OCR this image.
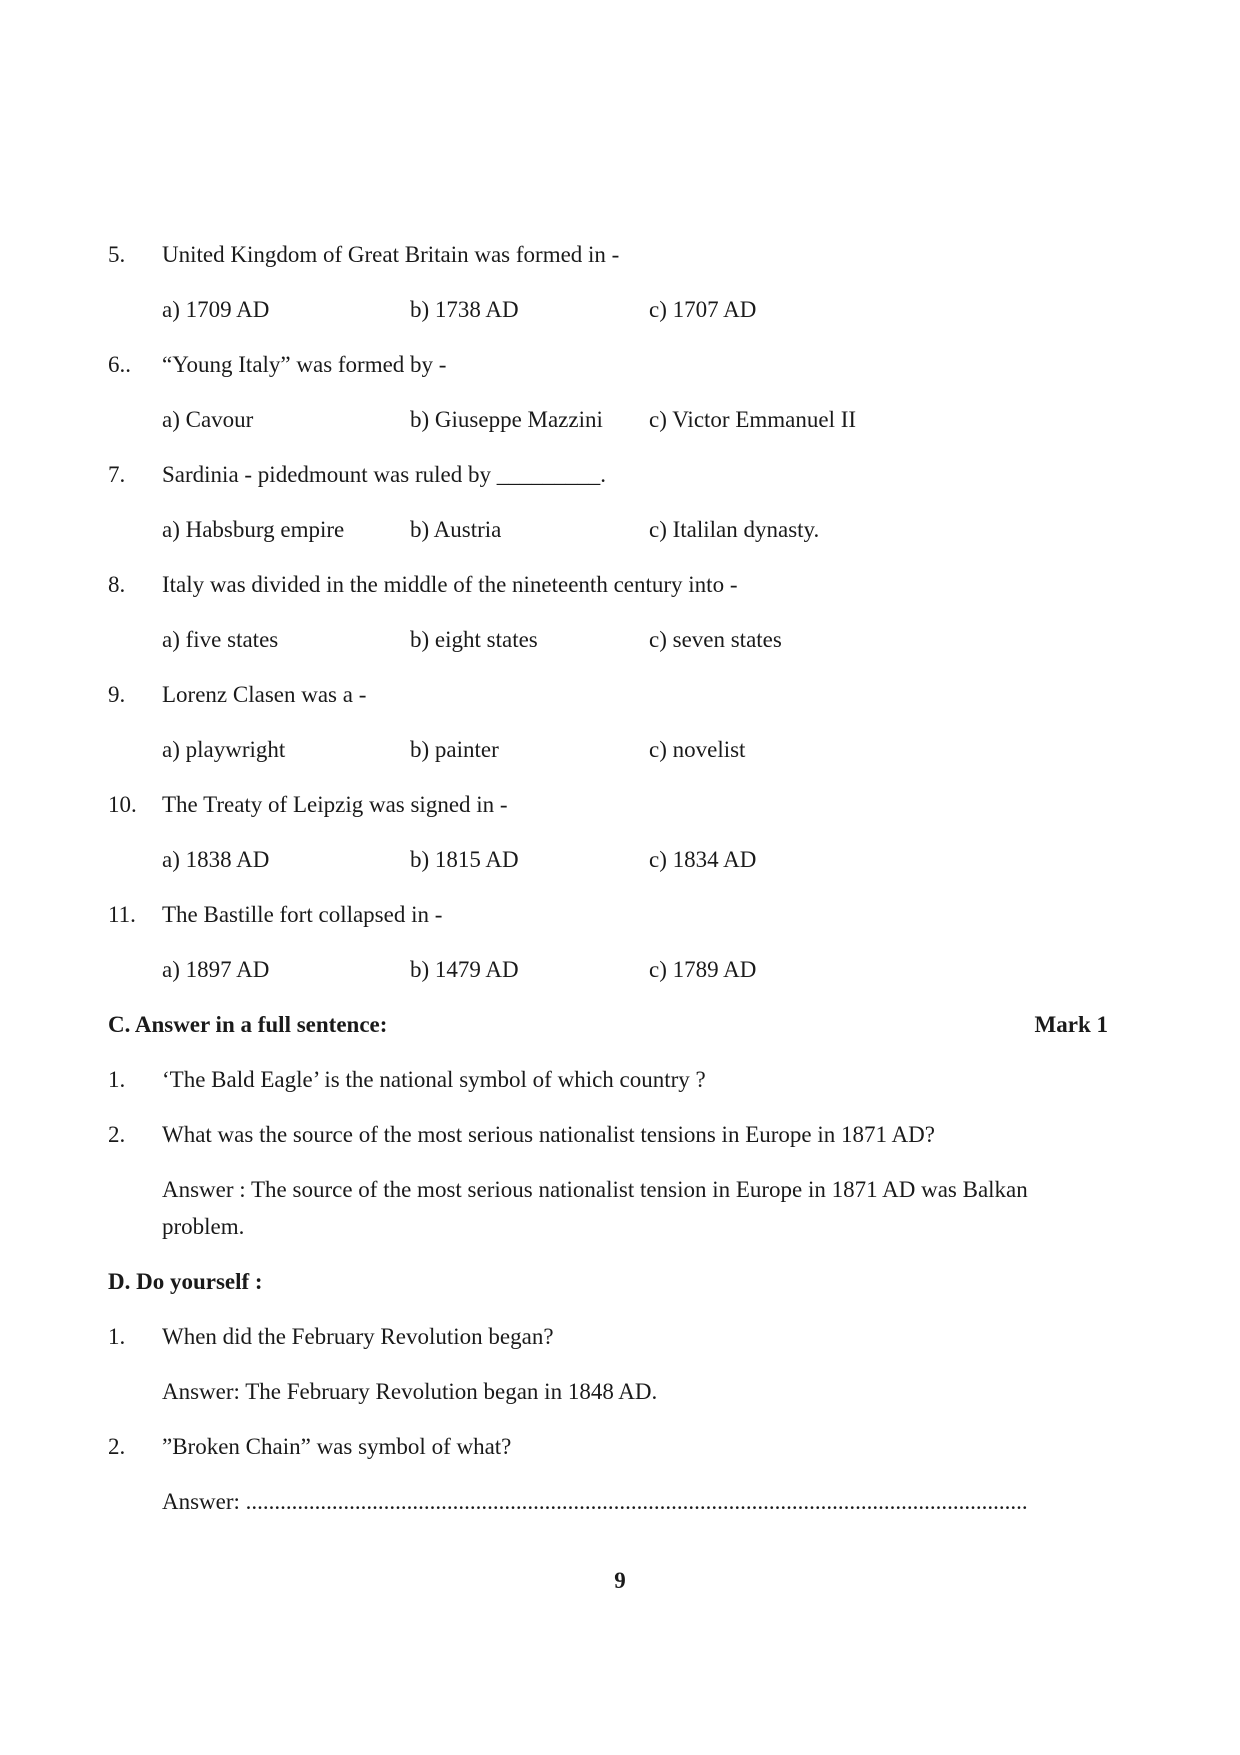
5. United Kingdom of Great Britain was formed in -
a) 1709 AD	b) 1738 AD	c) 1707 AD
6.. “Young Italy” was formed by -
a) Cavour	b) Giuseppe Mazzini c) Victor Emmanuel II
7. Sardinia - pidedmount was ruled by _________.
a) Habsburg empire	b) Austria	c) Italilan dynasty.
8. Italy was divided in the middle of the nineteenth century into -
a) five states	b) eight states	c) seven states
9. Lorenz Clasen was a -
a) playwright	b) painter	c) novelist
10. The Treaty of Leipzig was signed in -
a) 1838 AD	b) 1815 AD	c) 1834 AD
11. The Bastille fort collapsed in -
a) 1897 AD	b) 1479 AD	c) 1789 AD
C. Answer in a full sentence:	Mark 1
1. ‘The Bald Eagle’ is the national symbol of which country ?
2. What was the source of the most serious nationalist tensions in Europe in 1871 AD?
Answer : The source of the most serious nationalist tension in Europe in 1871 AD was Balkan problem.
D. Do yourself :
1. When did the February Revolution began?
Answer: The February Revolution began in 1848 AD.
2. ”Broken Chain” was symbol of what?
Answer: ........................................................................................................................................
9
